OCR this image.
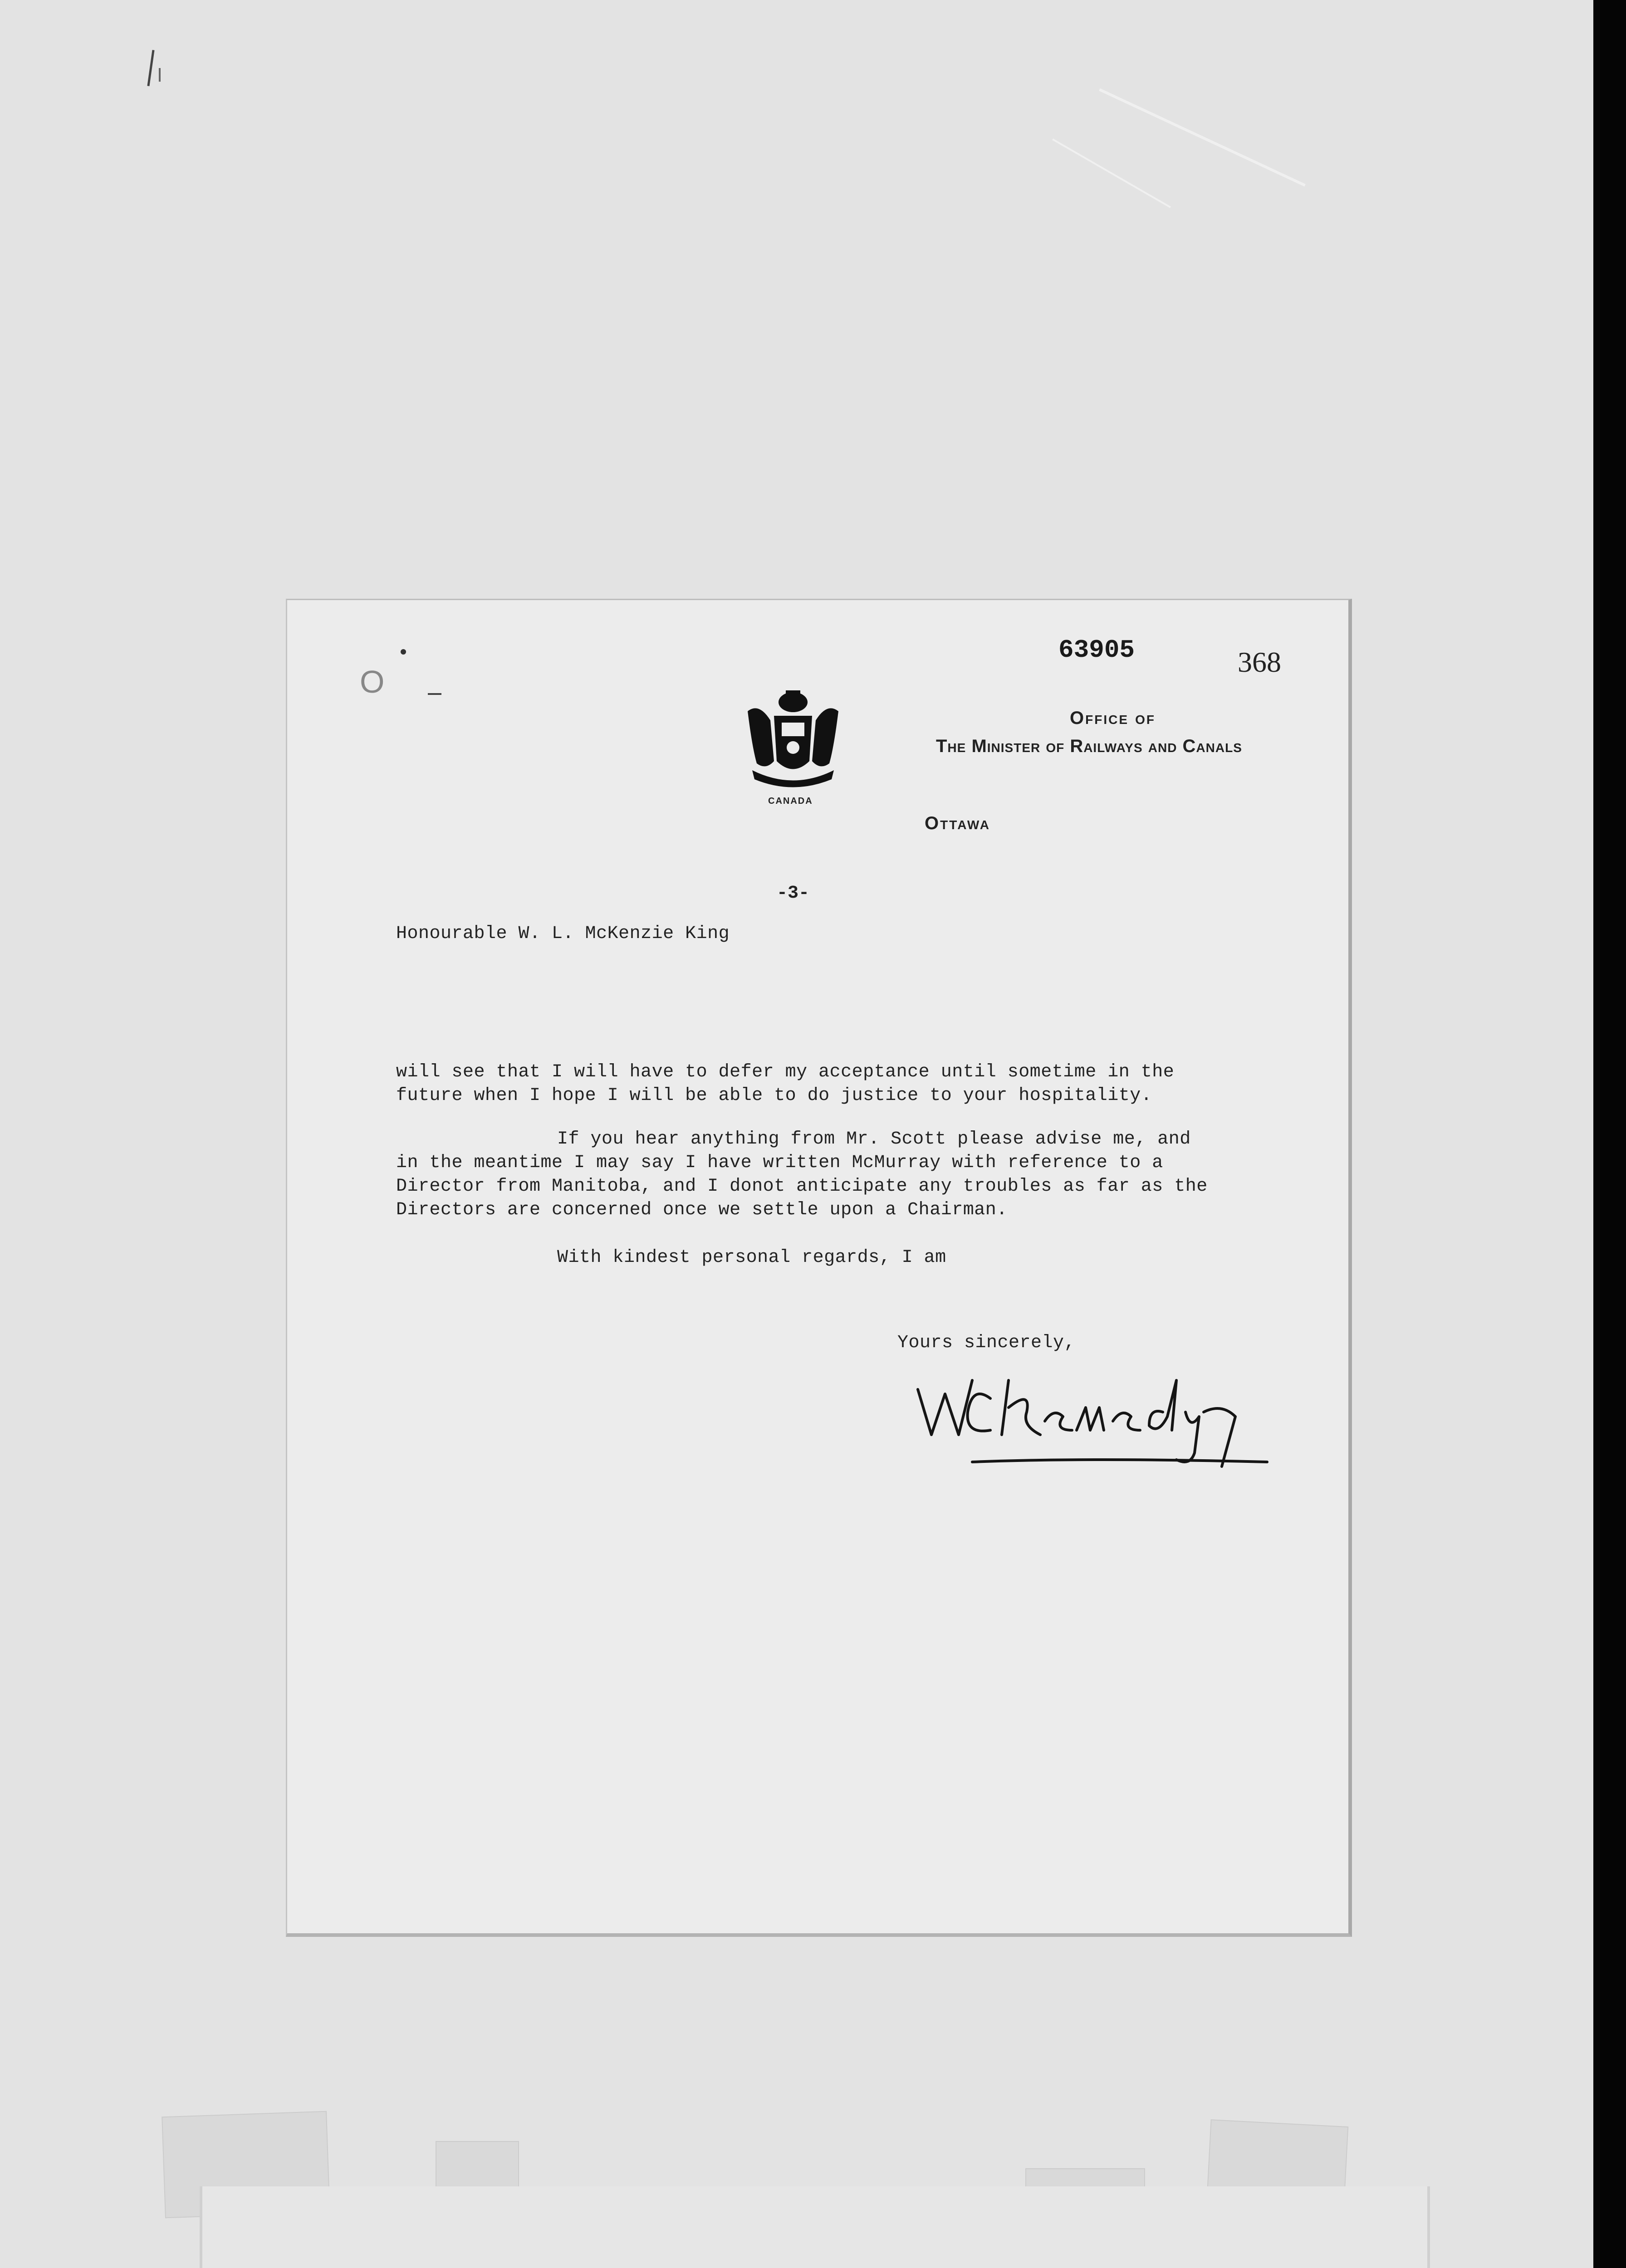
63905	368
O
CANADA
Office of
The Minister of Railways and Canals
Ottawa
-3-
Honourable W. L. McKenzie King
will see that I will have to defer my acceptance until sometime in the
future when I hope I will be able to do justice to your hospitality.
If you hear anything from Mr. Scott please advise me, and
in the meantime I may say I have written McMurray with reference to a
Director from Manitoba, and I donot anticipate any troubles as far as the
Directors are concerned once we settle upon a Chairman.
With kindest personal regards, I am
Yours sincerely,
